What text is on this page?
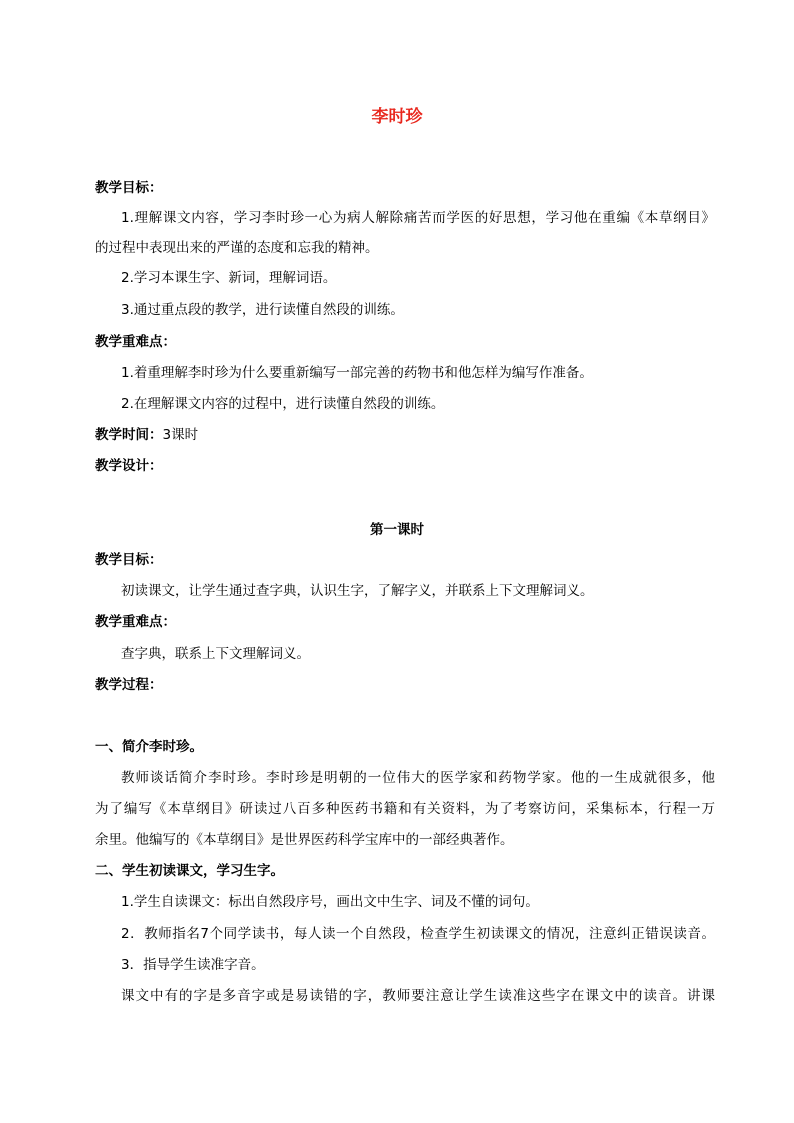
李时珍
教学目标：
1.理解课文内容，学习李时珍一心为病人解除痛苦而学医的好思想，学习他在重编《本草纲目》
的过程中表现出来的严谨的态度和忘我的精神。
2.学习本课生字、新词，理解词语。
3.通过重点段的教学，进行读懂自然段的训练。
教学重难点：
1.着重理解李时珍为什么要重新编写一部完善的药物书和他怎样为编写作准备。
2.在理解课文内容的过程中，进行读懂自然段的训练。
教学时间：3课时
教学设计：
第一课时
教学目标：
初读课文，让学生通过查字典，认识生字，了解字义，并联系上下文理解词义。
教学重难点：
查字典，联系上下文理解词义。
教学过程：
一、简介李时珍。
教师谈话简介李时珍。李时珍是明朝的一位伟大的医学家和药物学家。他的一生成就很多，他
为了编写《本草纲目》研读过八百多种医药书籍和有关资料，为了考察访问，采集标本，行程一万
余里。他编写的《本草纲目》是世界医药科学宝库中的一部经典著作。
二、学生初读课文，学习生字。
1.学生自读课文：标出自然段序号，画出文中生字、词及不懂的词句。
2．教师指名7个同学读书，每人读一个自然段，检查学生初读课文的情况，注意纠正错误读音。
3．指导学生读准字音。
课文中有的字是多音字或是易读错的字，教师要注意让学生读准这些字在课文中的读音。讲课
